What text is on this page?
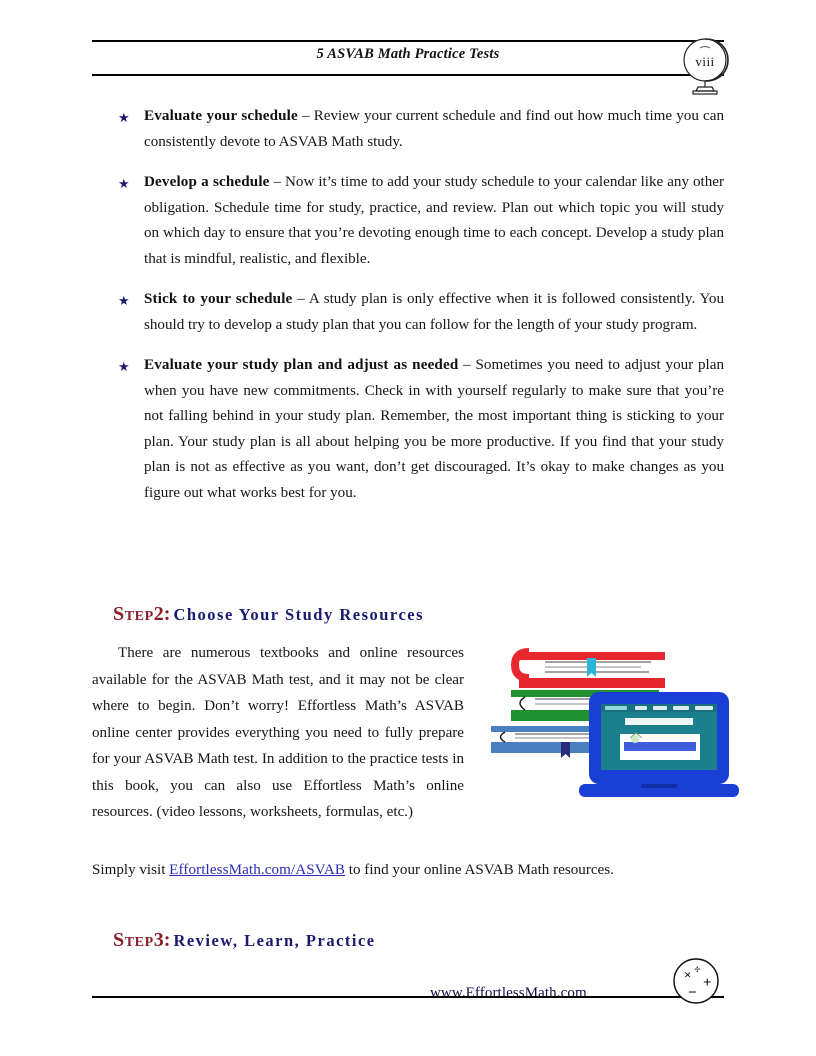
5 ASVAB Math Practice Tests	viii
★ Evaluate your schedule – Review your current schedule and find out how much time you can consistently devote to ASVAB Math study.
★ Develop a schedule – Now it’s time to add your study schedule to your calendar like any other obligation. Schedule time for study, practice, and review. Plan out which topic you will study on which day to ensure that you’re devoting enough time to each concept. Develop a study plan that is mindful, realistic, and flexible.
★ Stick to your schedule – A study plan is only effective when it is followed consistently. You should try to develop a study plan that you can follow for the length of your study program.
★ Evaluate your study plan and adjust as needed – Sometimes you need to adjust your plan when you have new commitments. Check in with yourself regularly to make sure that you’re not falling behind in your study plan. Remember, the most important thing is sticking to your plan. Your study plan is all about helping you be more productive. If you find that your study plan is not as effective as you want, don’t get discouraged. It’s okay to make changes as you figure out what works best for you.
Step2: Choose Your Study Resources
There are numerous textbooks and online resources available for the ASVAB Math test, and it may not be clear where to begin. Don’t worry! Effortless Math’s ASVAB online center provides everything you need to fully prepare for your ASVAB Math test. In addition to the practice tests in this book, you can also use Effortless Math’s online resources. (video lessons, worksheets, formulas, etc.)
Simply visit EffortlessMath.com/ASVAB to find your online ASVAB Math resources.
Step3: Review, Learn, Practice
www.EffortlessMath.com
× ÷
+
−
